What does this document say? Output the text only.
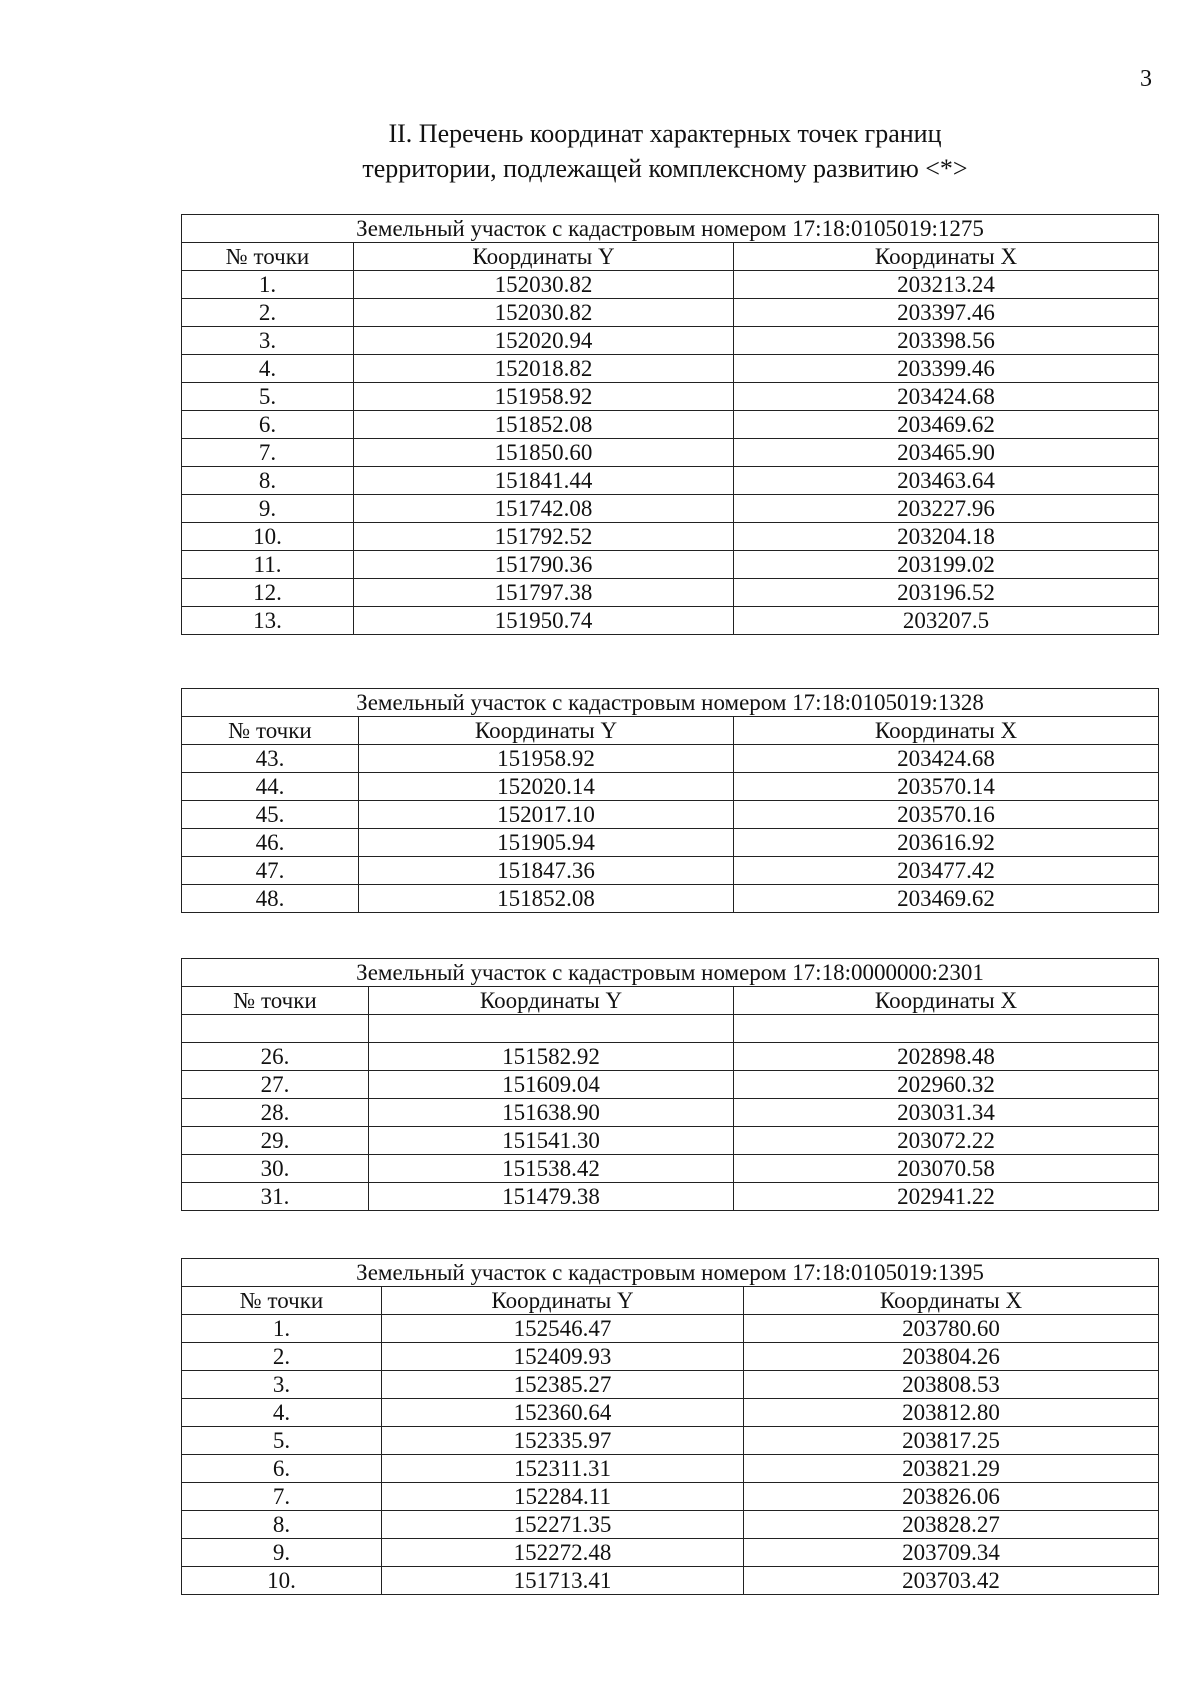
3
II. Перечень координат характерных точек границ
территории, подлежащей комплексному развитию <*>
Земельный участок с кадастровым номером 17:18:0105019:1275		
№ точки	Координаты Y	Координаты X
1.	152030.82	203213.24
2.	152030.82	203397.46
3.	152020.94	203398.56
4.	152018.82	203399.46
5.	151958.92	203424.68
6.	151852.08	203469.62
7.	151850.60	203465.90
8.	151841.44	203463.64
9.	151742.08	203227.96
10.	151792.52	203204.18
11.	151790.36	203199.02
12.	151797.38	203196.52
13.	151950.74	203207.5
Земельный участок с кадастровым номером 17:18:0105019:1328		
№ точки	Координаты Y	Координаты X
43.	151958.92	203424.68
44.	152020.14	203570.14
45.	152017.10	203570.16
46.	151905.94	203616.92
47.	151847.36	203477.42
48.	151852.08	203469.62
Земельный участок с кадастровым номером 17:18:0000000:2301		
№ точки	Координаты Y	Координаты X

26.	151582.92	202898.48
27.	151609.04	202960.32
28.	151638.90	203031.34
29.	151541.30	203072.22
30.	151538.42	203070.58
31.	151479.38	202941.22
Земельный участок с кадастровым номером 17:18:0105019:1395		
№ точки	Координаты Y	Координаты X
1.	152546.47	203780.60
2.	152409.93	203804.26
3.	152385.27	203808.53
4.	152360.64	203812.80
5.	152335.97	203817.25
6.	152311.31	203821.29
7.	152284.11	203826.06
8.	152271.35	203828.27
9.	152272.48	203709.34
10.	151713.41	203703.42
